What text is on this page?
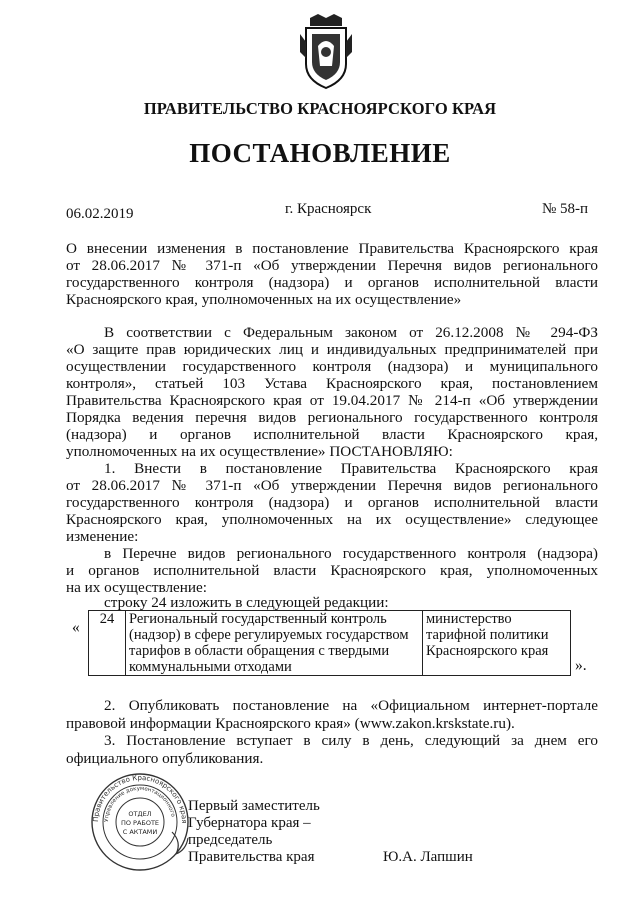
ПРАВИТЕЛЬСТВО КРАСНОЯРСКОГО КРАЯ
ПОСТАНОВЛЕНИЕ
06.02.2019	г. Красноярск	№ 58-п
О внесении изменения в постановление Правительства Красноярского края
от 28.06.2017 № 371-п «Об утверждении Перечня видов регионального
государственного контроля (надзора) и органов исполнительной власти
Красноярского края, уполномоченных на их осуществление»
В соответствии с Федеральным законом от 26.12.2008 № 294-ФЗ
«О защите прав юридических лиц и индивидуальных предпринимателей при
осуществлении государственного контроля (надзора) и муниципального
контроля», статьей 103 Устава Красноярского края, постановлением
Правительства Красноярского края от 19.04.2017 № 214-п «Об утверждении
Порядка ведения перечня видов регионального государственного контроля
(надзора) и органов исполнительной власти Красноярского края,
уполномоченных на их осуществление» ПОСТАНОВЛЯЮ:
1. Внести в постановление Правительства Красноярского края
от 28.06.2017 № 371-п «Об утверждении Перечня видов регионального
государственного контроля (надзора) и органов исполнительной власти
Красноярского края, уполномоченных на их осуществление» следующее
изменение:
в Перечне видов регионального государственного контроля (надзора)
и органов исполнительной власти Красноярского края, уполномоченных
на их осуществление:
строку 24 изложить в следующей редакции:
« 24	Региональный государственный контроль (надзор) в сфере регулируемых государством тарифов в области обращения с твердыми коммунальными отходами	министерство тарифной политики Красноярского края
».
2. Опубликовать постановление на «Официальном интернет-портале
правовой информации Красноярского края» (www.zakon.krskstate.ru).
3. Постановление вступает в силу в день, следующий за днем его
официального опубликования.
Правительство Красноярского края
Управление документационного
ОТДЕЛ
ПО РАБОТЕ
С АКТАМИ
Первый заместитель
Губернатора края –
председатель
Правительства края	Ю.А. Лапшин
